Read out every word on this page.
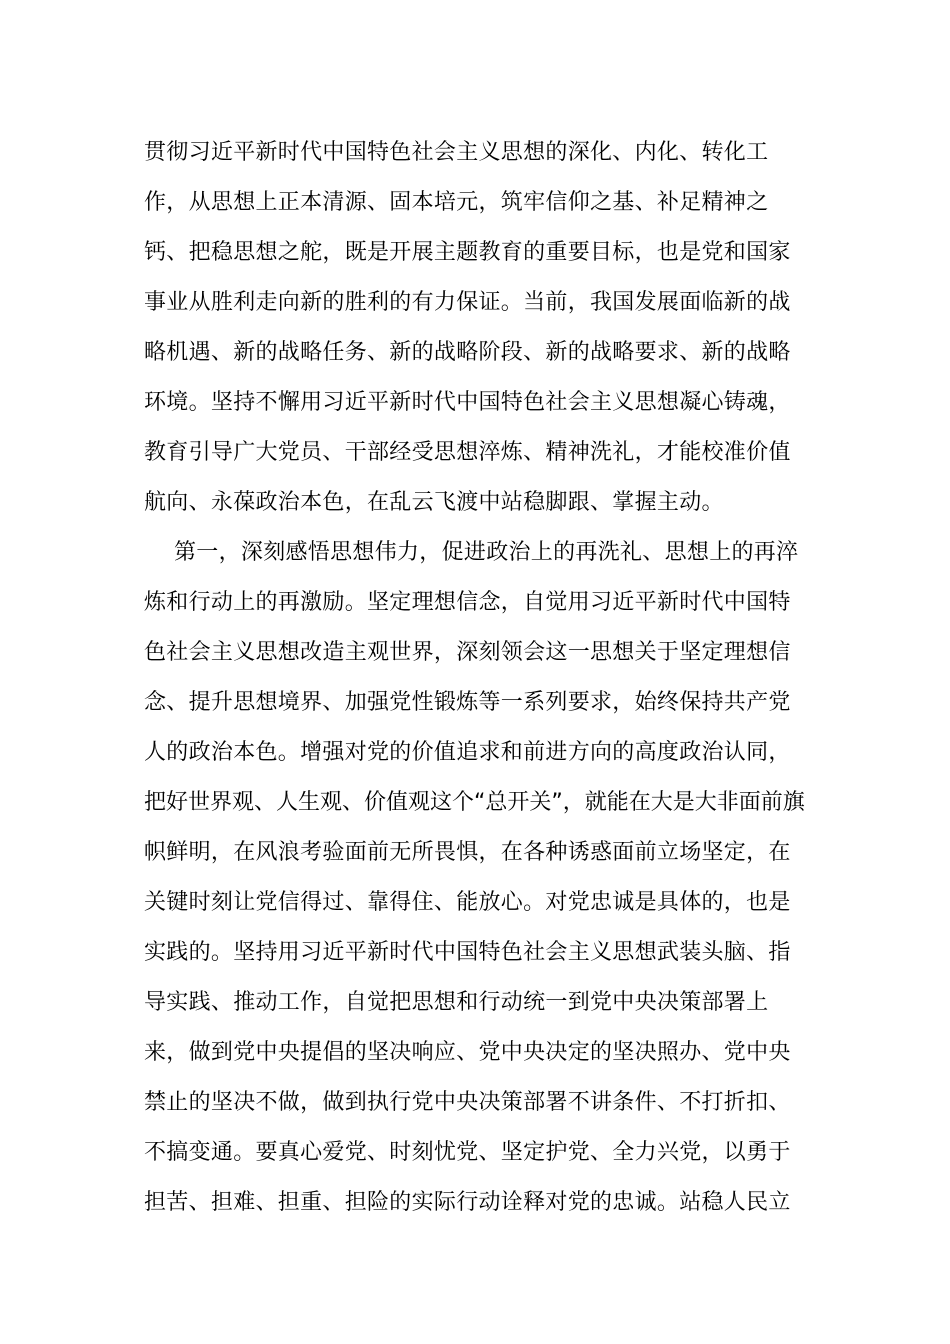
贯彻习近平新时代中国特色社会主义思想的深化、内化、转化工
作，从思想上正本清源、固本培元，筑牢信仰之基、补足精神之
钙、把稳思想之舵，既是开展主题教育的重要目标，也是党和国家
事业从胜利走向新的胜利的有力保证。当前，我国发展面临新的战
略机遇、新的战略任务、新的战略阶段、新的战略要求、新的战略
环境。坚持不懈用习近平新时代中国特色社会主义思想凝心铸魂，
教育引导广大党员、干部经受思想淬炼、精神洗礼，才能校准价值
航向、永葆政治本色，在乱云飞渡中站稳脚跟、掌握主动。
第一，深刻感悟思想伟力，促进政治上的再洗礼、思想上的再淬
炼和行动上的再激励。坚定理想信念，自觉用习近平新时代中国特
色社会主义思想改造主观世界，深刻领会这一思想关于坚定理想信
念、提升思想境界、加强党性锻炼等一系列要求，始终保持共产党
人的政治本色。增强对党的价值追求和前进方向的高度政治认同，
把好世界观、人生观、价值观这个“总开关”，就能在大是大非面前旗
帜鲜明，在风浪考验面前无所畏惧，在各种诱惑面前立场坚定，在
关键时刻让党信得过、靠得住、能放心。对党忠诚是具体的，也是
实践的。坚持用习近平新时代中国特色社会主义思想武装头脑、指
导实践、推动工作，自觉把思想和行动统一到党中央决策部署上
来，做到党中央提倡的坚决响应、党中央决定的坚决照办、党中央
禁止的坚决不做，做到执行党中央决策部署不讲条件、不打折扣、
不搞变通。要真心爱党、时刻忧党、坚定护党、全力兴党，以勇于
担苦、担难、担重、担险的实际行动诠释对党的忠诚。站稳人民立
